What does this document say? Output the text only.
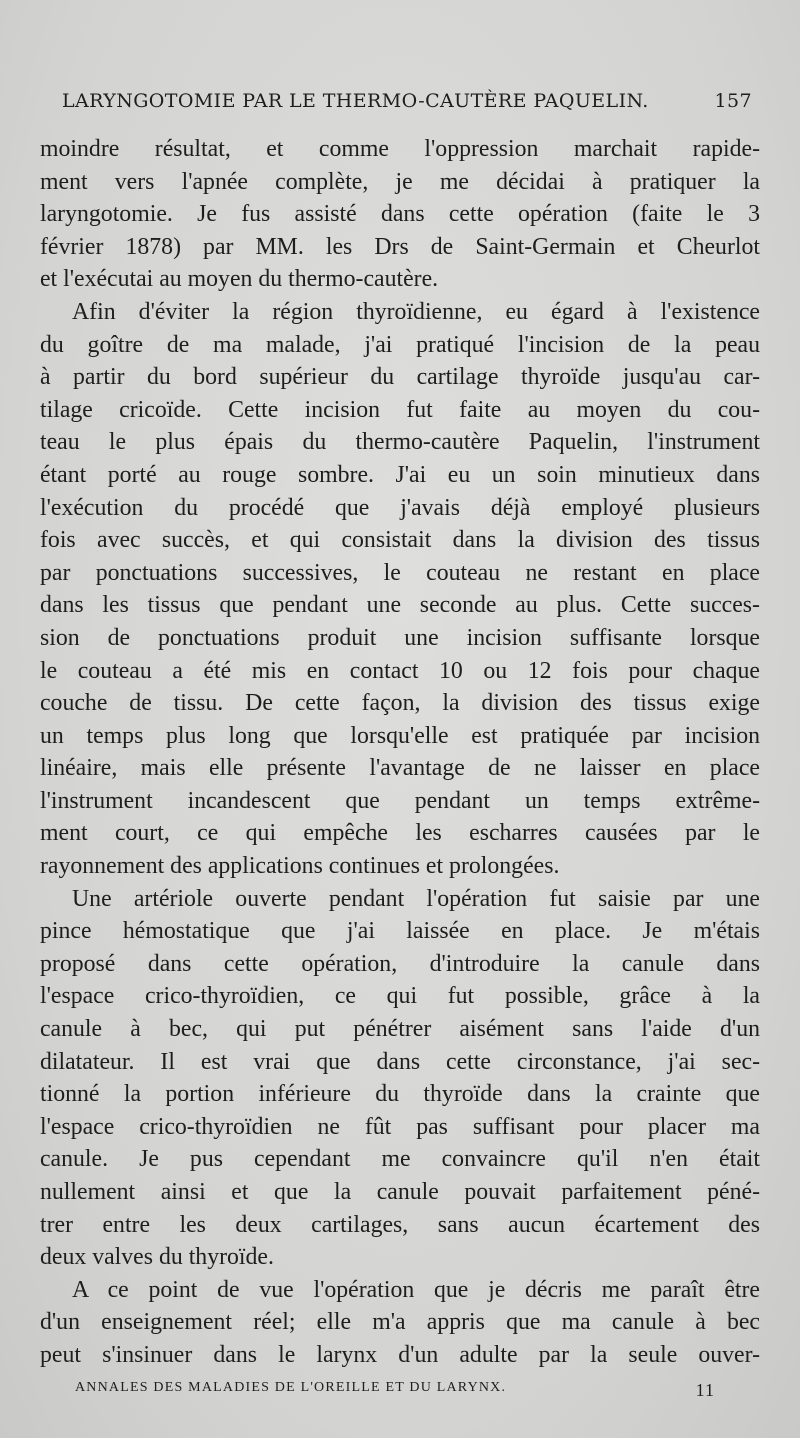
LARYNGOTOMIE PAR LE THERMO-CAUTÈRE PAQUELIN.	157
moindre résultat, et comme l'oppression marchait rapide-
ment vers l'apnée complète, je me décidai à pratiquer la
laryngotomie. Je fus assisté dans cette opération (faite le 3
février 1878) par MM. les Drs de Saint-Germain et Cheurlot
et l'exécutai au moyen du thermo-cautère.
Afin d'éviter la région thyroïdienne, eu égard à l'existence
du goître de ma malade, j'ai pratiqué l'incision de la peau
à partir du bord supérieur du cartilage thyroïde jusqu'au car-
tilage cricoïde. Cette incision fut faite au moyen du cou-
teau le plus épais du thermo-cautère Paquelin, l'instrument
étant porté au rouge sombre. J'ai eu un soin minutieux dans
l'exécution du procédé que j'avais déjà employé plusieurs
fois avec succès, et qui consistait dans la division des tissus
par ponctuations successives, le couteau ne restant en place
dans les tissus que pendant une seconde au plus. Cette succes-
sion de ponctuations produit une incision suffisante lorsque
le couteau a été mis en contact 10 ou 12 fois pour chaque
couche de tissu. De cette façon, la division des tissus exige
un temps plus long que lorsqu'elle est pratiquée par incision
linéaire, mais elle présente l'avantage de ne laisser en place
l'instrument incandescent que pendant un temps extrême-
ment court, ce qui empêche les escharres causées par le
rayonnement des applications continues et prolongées.
Une artériole ouverte pendant l'opération fut saisie par une
pince hémostatique que j'ai laissée en place. Je m'étais
proposé dans cette opération, d'introduire la canule dans
l'espace crico-thyroïdien, ce qui fut possible, grâce à la
canule à bec, qui put pénétrer aisément sans l'aide d'un
dilatateur. Il est vrai que dans cette circonstance, j'ai sec-
tionné la portion inférieure du thyroïde dans la crainte que
l'espace crico-thyroïdien ne fût pas suffisant pour placer ma
canule. Je pus cependant me convaincre qu'il n'en était
nullement ainsi et que la canule pouvait parfaitement péné-
trer entre les deux cartilages, sans aucun écartement des
deux valves du thyroïde.
A ce point de vue l'opération que je décris me paraît être
d'un enseignement réel; elle m'a appris que ma canule à bec
peut s'insinuer dans le larynx d'un adulte par la seule ouver-
ANNALES DES MALADIES DE L'OREILLE ET DU LARYNX.	11
